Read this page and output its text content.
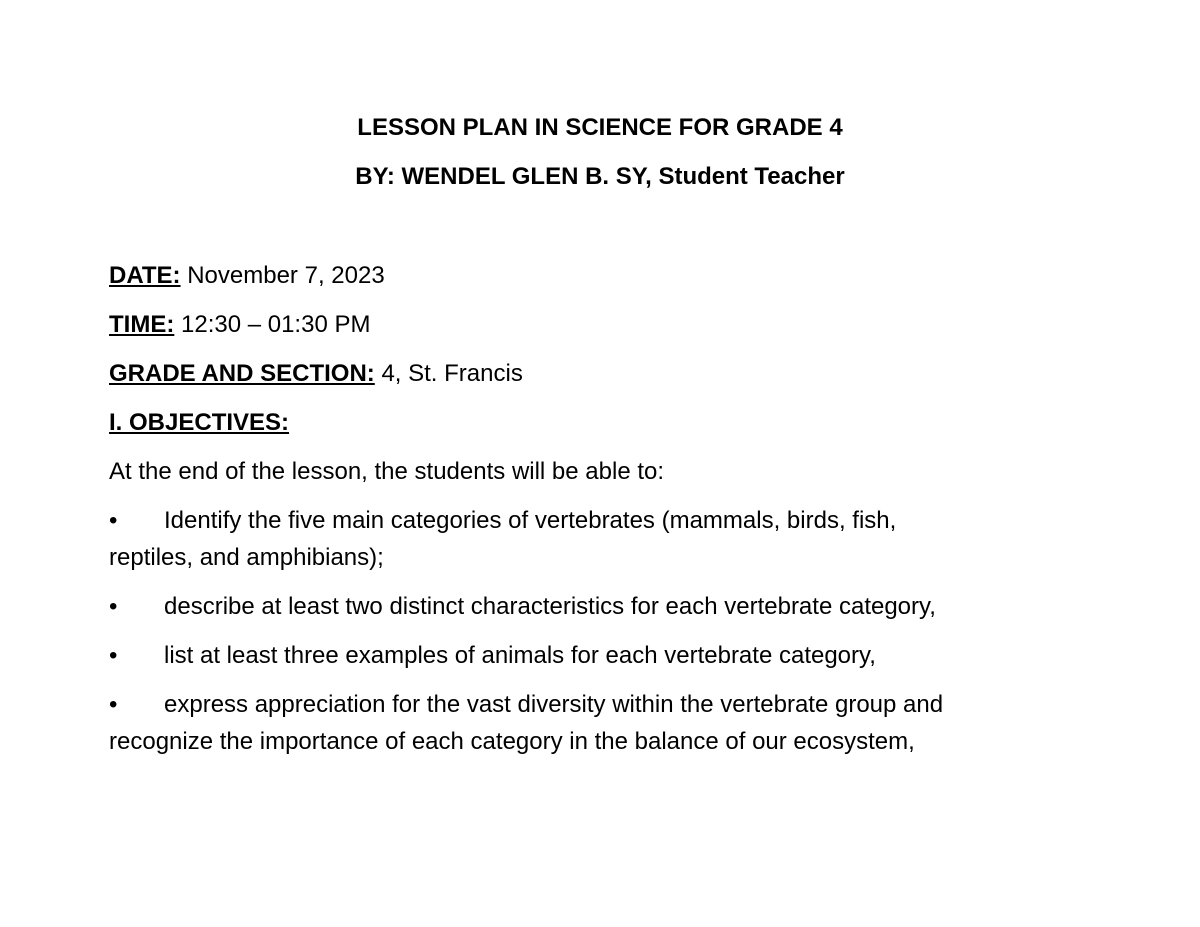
LESSON PLAN IN SCIENCE FOR GRADE 4
BY: WENDEL GLEN B. SY, Student Teacher
DATE: November 7, 2023
TIME: 12:30 – 01:30 PM
GRADE AND SECTION: 4, St. Francis
I. OBJECTIVES:
At the end of the lesson, the students will be able to:
• Identify the five main categories of vertebrates (mammals, birds, fish,
reptiles, and amphibians);
• describe at least two distinct characteristics for each vertebrate category,
• list at least three examples of animals for each vertebrate category,
• express appreciation for the vast diversity within the vertebrate group and
recognize the importance of each category in the balance of our ecosystem,
